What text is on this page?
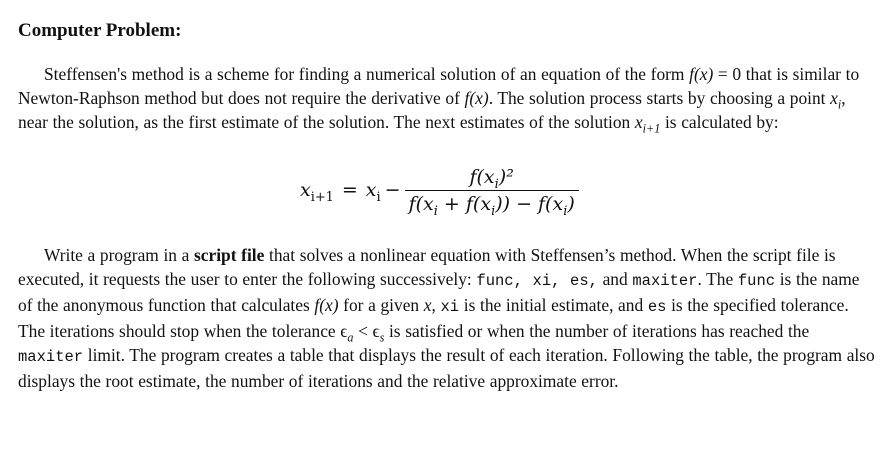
Computer Problem:

Steffensen's method is a scheme for finding a numerical solution of an equation of the form f(x) = 0 that is similar to Newton-Raphson method but does not require the derivative of f(x). The solution process starts by choosing a point $x_i$, near the solution, as the first estimate of the solution. The next estimates of the solution $x_{i+1}$ is calculated by:

$x_{i+1} = x_i - \frac{f(x_i)^2}{f(x_i + f(x_i)) - f(x_i)}$

Write a program in a script file that solves a nonlinear equation with Steffensen’s method. When the script file is executed, it requests the user to enter the following successively: func, xi, es, and maxiter. The func is the name of the anonymous function that calculates f(x) for a given x, xi is the initial estimate, and es is the specified tolerance. The iterations should stop when the tolerance $\epsilon_a < \epsilon_s$ is satisfied or when the number of iterations has reached the maxiter limit. The program creates a table that displays the result of each iteration. Following the table, the program also displays the root estimate, the number of iterations and the relative approximate error.
